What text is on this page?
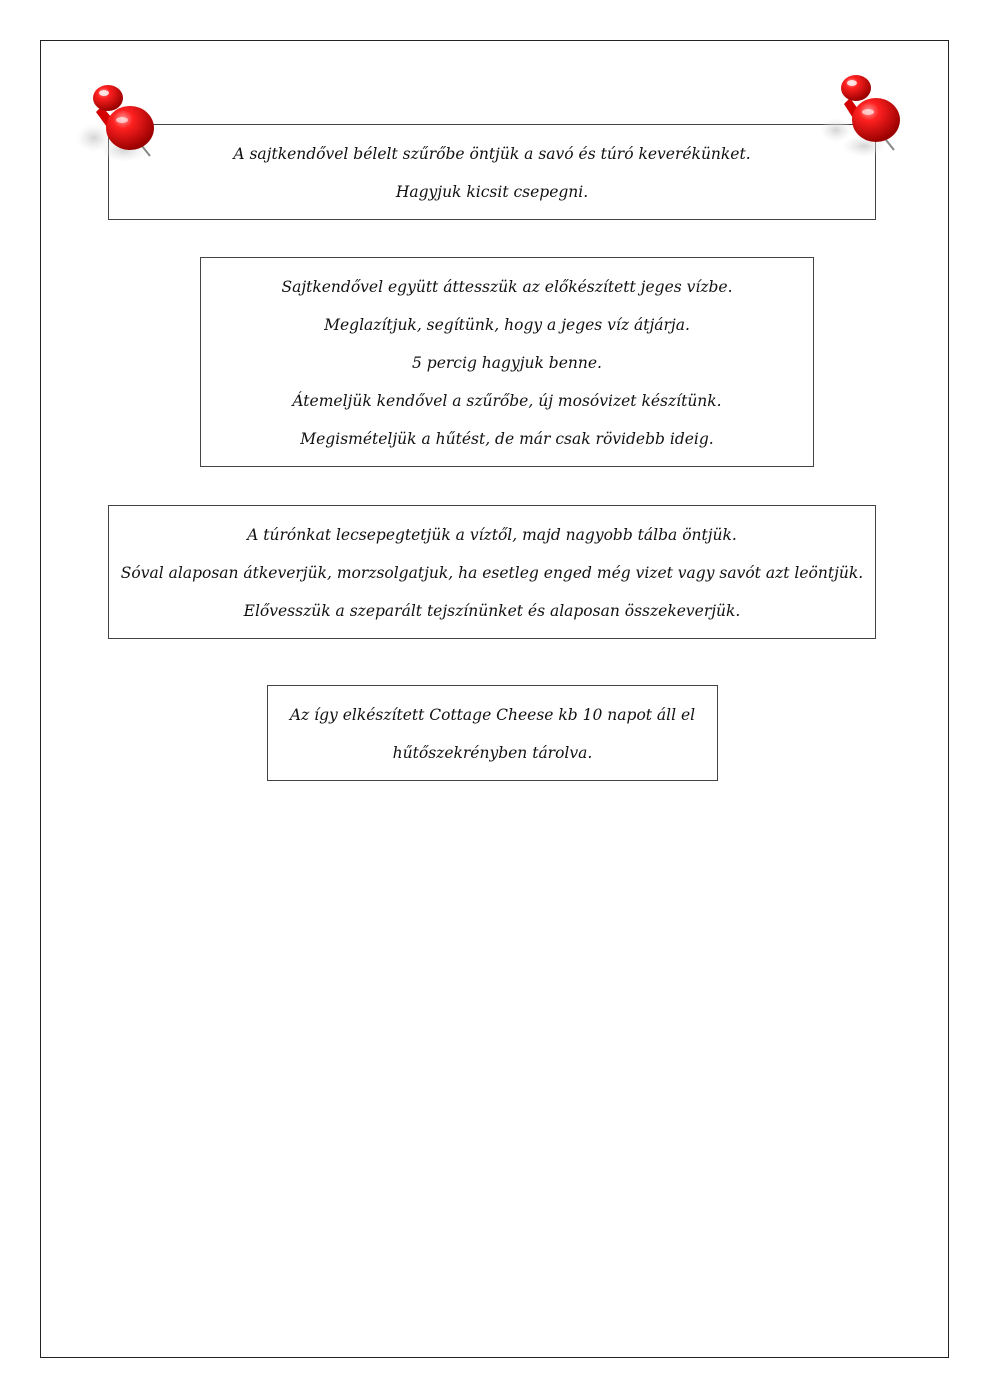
A sajtkendővel bélelt szűrőbe öntjük a savó és túró keverékünket.
Hagyjuk kicsit csepegni.
Sajtkendővel együtt áttesszük az előkészített jeges vízbe.
Meglazítjuk, segítünk, hogy a jeges víz átjárja.
5 percig hagyjuk benne.
Átemeljük kendővel a szűrőbe, új mosóvizet készítünk.
Megismételjük a hűtést, de már csak rövidebb ideig.
A túrónkat lecsepegtetjük a víztől, majd nagyobb tálba öntjük.
Sóval alaposan átkeverjük, morzsolgatjuk, ha esetleg enged még vizet vagy savót azt leöntjük.
Elővesszük a szeparált tejszínünket és alaposan összekeverjük.
Az így elkészített Cottage Cheese kb 10 napot áll el
hűtőszekrényben tárolva.
